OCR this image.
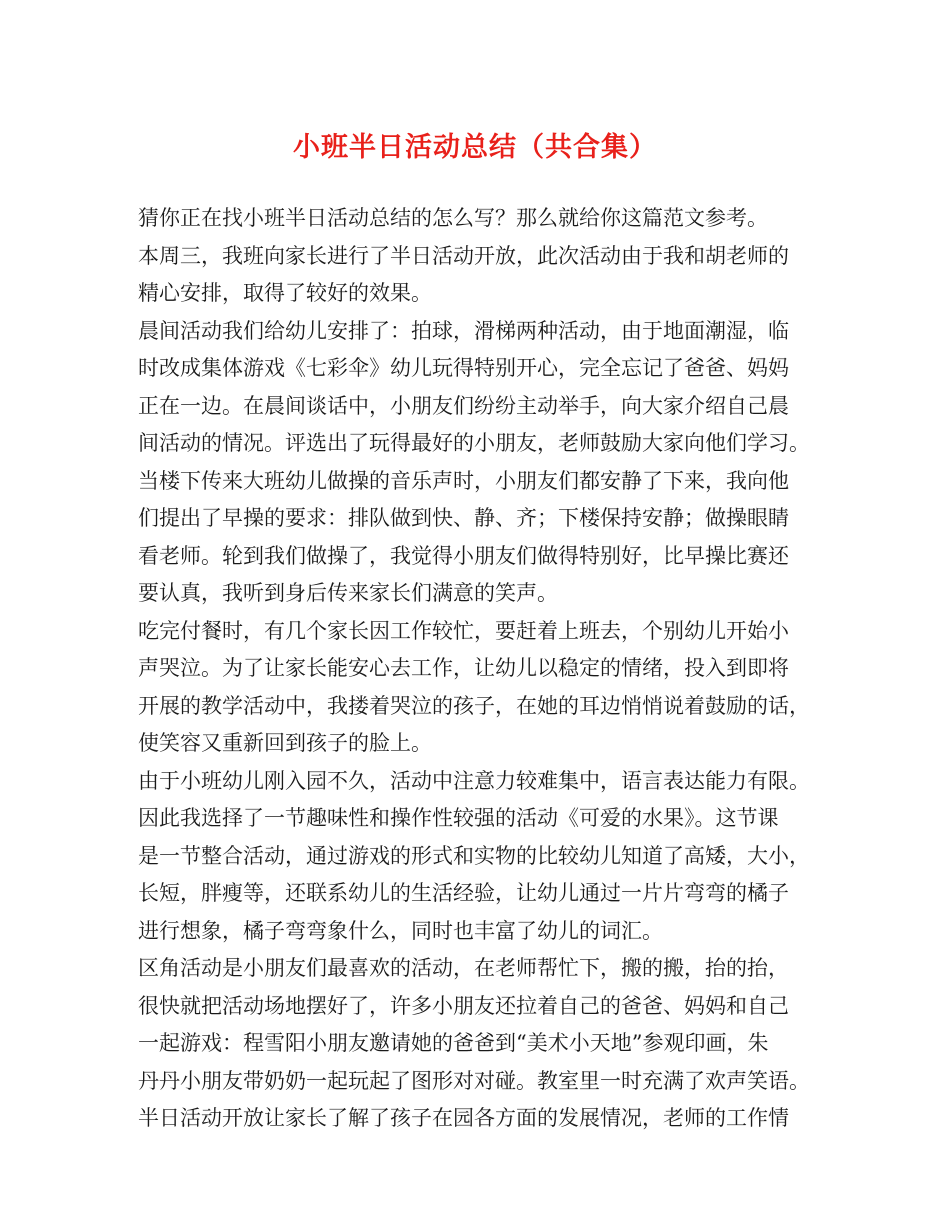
小班半日活动总结（共合集）
猜你正在找小班半日活动总结的怎么写？那么就给你这篇范文参考。
本周三，我班向家长进行了半日活动开放，此次活动由于我和胡老师的
精心安排，取得了较好的效果。
晨间活动我们给幼儿安排了：拍球，滑梯两种活动，由于地面潮湿，临
时改成集体游戏《七彩伞》幼儿玩得特别开心，完全忘记了爸爸、妈妈
正在一边。在晨间谈话中，小朋友们纷纷主动举手，向大家介绍自己晨
间活动的情况。评选出了玩得最好的小朋友，老师鼓励大家向他们学习。
当楼下传来大班幼儿做操的音乐声时，小朋友们都安静了下来，我向他
们提出了早操的要求：排队做到快、静、齐；下楼保持安静；做操眼睛
看老师。轮到我们做操了，我觉得小朋友们做得特别好，比早操比赛还
要认真，我听到身后传来家长们满意的笑声。
吃完付餐时，有几个家长因工作较忙，要赶着上班去，个别幼儿开始小
声哭泣。为了让家长能安心去工作，让幼儿以稳定的情绪，投入到即将
开展的教学活动中，我搂着哭泣的孩子，在她的耳边悄悄说着鼓励的话，
使笑容又重新回到孩子的脸上。
由于小班幼儿刚入园不久，活动中注意力较难集中，语言表达能力有限。
因此我选择了一节趣味性和操作性较强的活动《可爱的水果》。这节课
是一节整合活动，通过游戏的形式和实物的比较幼儿知道了高矮，大小，
长短，胖瘦等，还联系幼儿的生活经验，让幼儿通过一片片弯弯的橘子
进行想象，橘子弯弯象什么，同时也丰富了幼儿的词汇。
区角活动是小朋友们最喜欢的活动，在老师帮忙下，搬的搬，抬的抬，
很快就把活动场地摆好了，许多小朋友还拉着自己的爸爸、妈妈和自己
一起游戏：程雪阳小朋友邀请她的爸爸到“美术小天地”参观印画，朱
丹丹小朋友带奶奶一起玩起了图形对对碰。教室里一时充满了欢声笑语。
半日活动开放让家长了解了孩子在园各方面的发展情况，老师的工作情
